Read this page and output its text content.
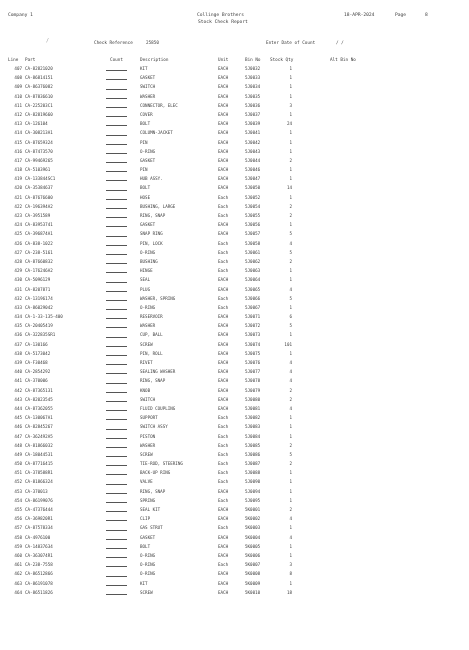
Company 1	Collinge Brothers
Stock Check Report
18-APR-2024	Page	8
/	Check Reference	25850	Enter Date of Count	/ /
Line Part	Count	Description	Unit	Bin No Stock Qty	Alt Bin No
407 CA-82821020	KIT	EACH	5J0032	1
408 CA-86814151	GASKET	EACH	5J0033	1
409 CA-86376082	SWITCH	EACH	5J0034	1
410 CA-87836610	WASHER	EACH	5J0035	1
411 CA-225203C1	CONNECTOR, ELEC	EACH	5J0036	3
412 CA-82819660	COVER	EACH	5J0037	1
413 CA-126104	BOLT	EACH	5J0039	24
414 CA-308213A1	COLUMN-JACKET	EACH	5J0041	1
415 CA-87659324	PIN	EACH	5J0042	1
416 CA-87473570	O-RING	EACH	5J0043	1
417 CA-99469265	GASKET	EACH	5J0044	2
418 CA-5103961	PIN	EACH	5J0046	1
419 CA-133844SC1	HUB ASSY.	EACH	5J0047	1
420 CA-35384637	BOLT	EACH	5J0050	14
421 CA-87676600	HOSE	Each	5J0052	1
422 CA-196394A2	BUSHING, LARGE	Each	5J0054	2
423 CA-3951589	RING, SNAP	Each	5J0055	2
424 CA-83953741	GASKET	EACH	5J0056	1
425 CA-396874A1	SNAP RING	EACH	5J0057	5
426 CA-838-1022	PIN, LOCK	Each	5J0058	4
427 CA-238-5161	O-RING	Each	5J0061	5
428 CA-87660832	BUSHING	Each	5J0062	2
429 CA-176246A2	HINGE	Each	5J0063	1
430 CA-5096129	SEAL	EACH	5J0064	1
431 CA-8207871	PLUG	EACH	5J0065	4
432 CA-13196174	WASHER, SPRING	Each	5J0066	5
433 CA-86029042	O-RING	Each	5J0067	1
434 CA-1-33-135-400	RESERVOIR	EACH	5J0071	6
435 CA-20405419	WASHER	EACH	5J0072	5
436 CA-322835SR1	CUP, BALL	EACH	5J0073	1
437 CA-130166	SCREW	EACH	5J0074	101
438 CA-5173042	PIN, ROLL	EACH	5J0075	1
439 CA-F30468	RIVET	EACH	5J0076	4
440 CA-2854292	SEALING WASHER	EACH	5J0077	4
441 CA-370006	RING, SNAP	EACH	5J0078	4
442 CA-87365131	KNOB	EACH	5J0079	2
443 CA-82023545	SWITCH	EACH	5J0080	2
444 CA-87362055	FLUID COUPLING	EACH	5J0081	4
445 CA-130067A1	SUPPORT	Each	5J0082	1
446 CA-82845267	SWITCH ASSY	Each	5J0083	1
447 CA-362492A5	PISTON	Each	5J0084	1
448 CA-81866032	WASHER	Each	5J0085	2
449 CA-18044531	SCREW	Each	5J0086	5
450 CA-87716415	TIE-ROD, STEERING	Each	5J0087	2
451 CA-378588R1	BACK-UP RING	Each	5J0088	1
452 CA-81866324	VALVE	Each	5J0090	1
453 CA-370013	RING, SNAP	EACH	5J0094	1
454 CA-86199076	SPRING	Each	5J0095	1
455 CA-47376444	SEAL KIT	EACH	5K0001	2
456 CA-369820R1	CLIP	EACH	5K0002	4
457 CA-87578334	GAS STRUT	Each	5K0003	1
458 CA-4976100	GASKET	EACH	5K0004	4
459 CA-14837634	BOLT	EACH	5K0005	1
460 CA-363074R1	O-RING	EACH	5K0006	1
461 CA-238-7558	O-RING	Each	5K0007	3
462 CA-86512866	O-RING	EACH	5K0008	8
463 CA-86191078	KIT	EACH	5K0009	1
464 CA-86511826	SCREW	EACH	5K0010	18
